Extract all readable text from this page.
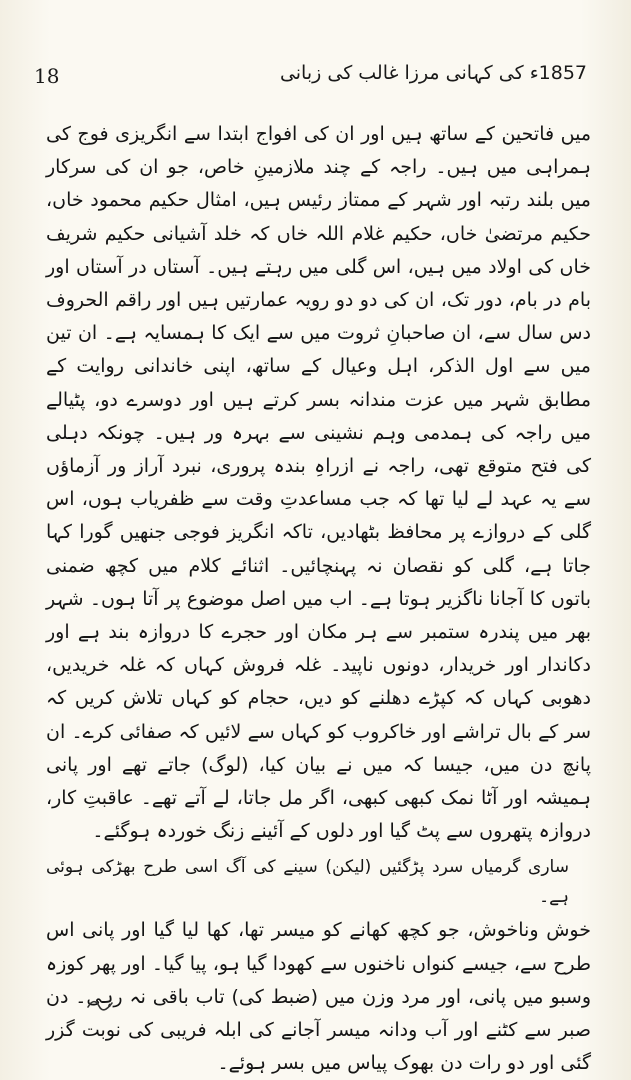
18	1857ء کی کہانی مرزا غالب کی زبانی

میں فاتحین کے ساتھ ہیں اور ان کی افواج ابتدا سے انگریزی فوج کی ہمراہی میں ہیں۔ راجہ کے چند ملازمینِ خاص، جو ان کی سرکار میں بلند رتبہ اور شہر کے ممتاز رئیس ہیں، امثال حکیم محمود خاں، حکیم مرتضیٰ خاں، حکیم غلام اللہ خاں کہ خلد آشیانی حکیم شریف خاں کی اولاد میں ہیں، اس گلی میں رہتے ہیں۔ آستاں در آستاں اور بام در بام، دور تک، ان کی دو دو رویہ عمارتیں ہیں اور راقم الحروف دس سال سے، ان صاحبانِ ثروت میں سے ایک کا ہمسایہ ہے۔ ان تین میں سے اول الذکر، اہل وعیال کے ساتھ، اپنی خاندانی روایت کے مطابق شہر میں عزت مندانہ بسر کرتے ہیں اور دوسرے دو، پٹیالے میں راجہ کی ہمدمی وہم نشینی سے بہرہ ور ہیں۔ چونکہ دہلی کی فتح متوقع تھی، راجہ نے ازراہِ بندہ پروری، نبرد آراز ور آزماؤں سے یہ عہد لے لیا تھا کہ جب مساعدتِ وقت سے ظفریاب ہوں، اس گلی کے دروازے پر محافظ بٹھادیں، تاکہ انگریز فوجی جنھیں گورا کہا جاتا ہے، گلی کو نقصان نہ پہنچائیں۔ اثنائے کلام میں کچھ ضمنی باتوں کا آجانا ناگزیر ہوتا ہے۔ اب میں اصل موضوع پر آتا ہوں۔ شہر بھر میں پندرہ ستمبر سے ہر مکان اور حجرے کا دروازہ بند ہے اور دکاندار اور خریدار، دونوں ناپید۔ غلہ فروش کہاں کہ غلہ خریدیں، دھوبی کہاں کہ کپڑے دھلنے کو دیں، حجام کو کہاں تلاش کریں کہ سر کے بال تراشے اور خاکروب کو کہاں سے لائیں کہ صفائی کرے۔ ان پانچ دن میں، جیسا کہ میں نے بیان کیا، (لوگ) جاتے تھے اور پانی ہمیشہ اور آٹا نمک کبھی کبھی، اگر مل جاتا، لے آتے تھے۔ عاقبتِ کار، دروازہ پتھروں سے پٹ گیا اور دلوں کے آئینے زنگ خوردہ ہوگئے۔

ساری گرمیاں سرد پڑگئیں (لیکن) سینے کی آگ اسی طرح بھڑکی ہوئی ہے۔

خوش وناخوش، جو کچھ کھانے کو میسر تھا، کھا لیا گیا اور پانی اس طرح سے، جیسے کنواں ناخنوں سے کھودا گیا ہو، پیا گیا۔ اور پھر کوزہ وسبو میں پانی، اور مرد وزن میں (ضبط کی) تاب باقی نہ رہی۔ دن صبر سے کٹنے اور آب ودانہ میسر آجانے کی ابلہ فریبی کی نوبت گزر گئی اور دو رات دن بھوک پیاس میں بسر ہوئے۔
